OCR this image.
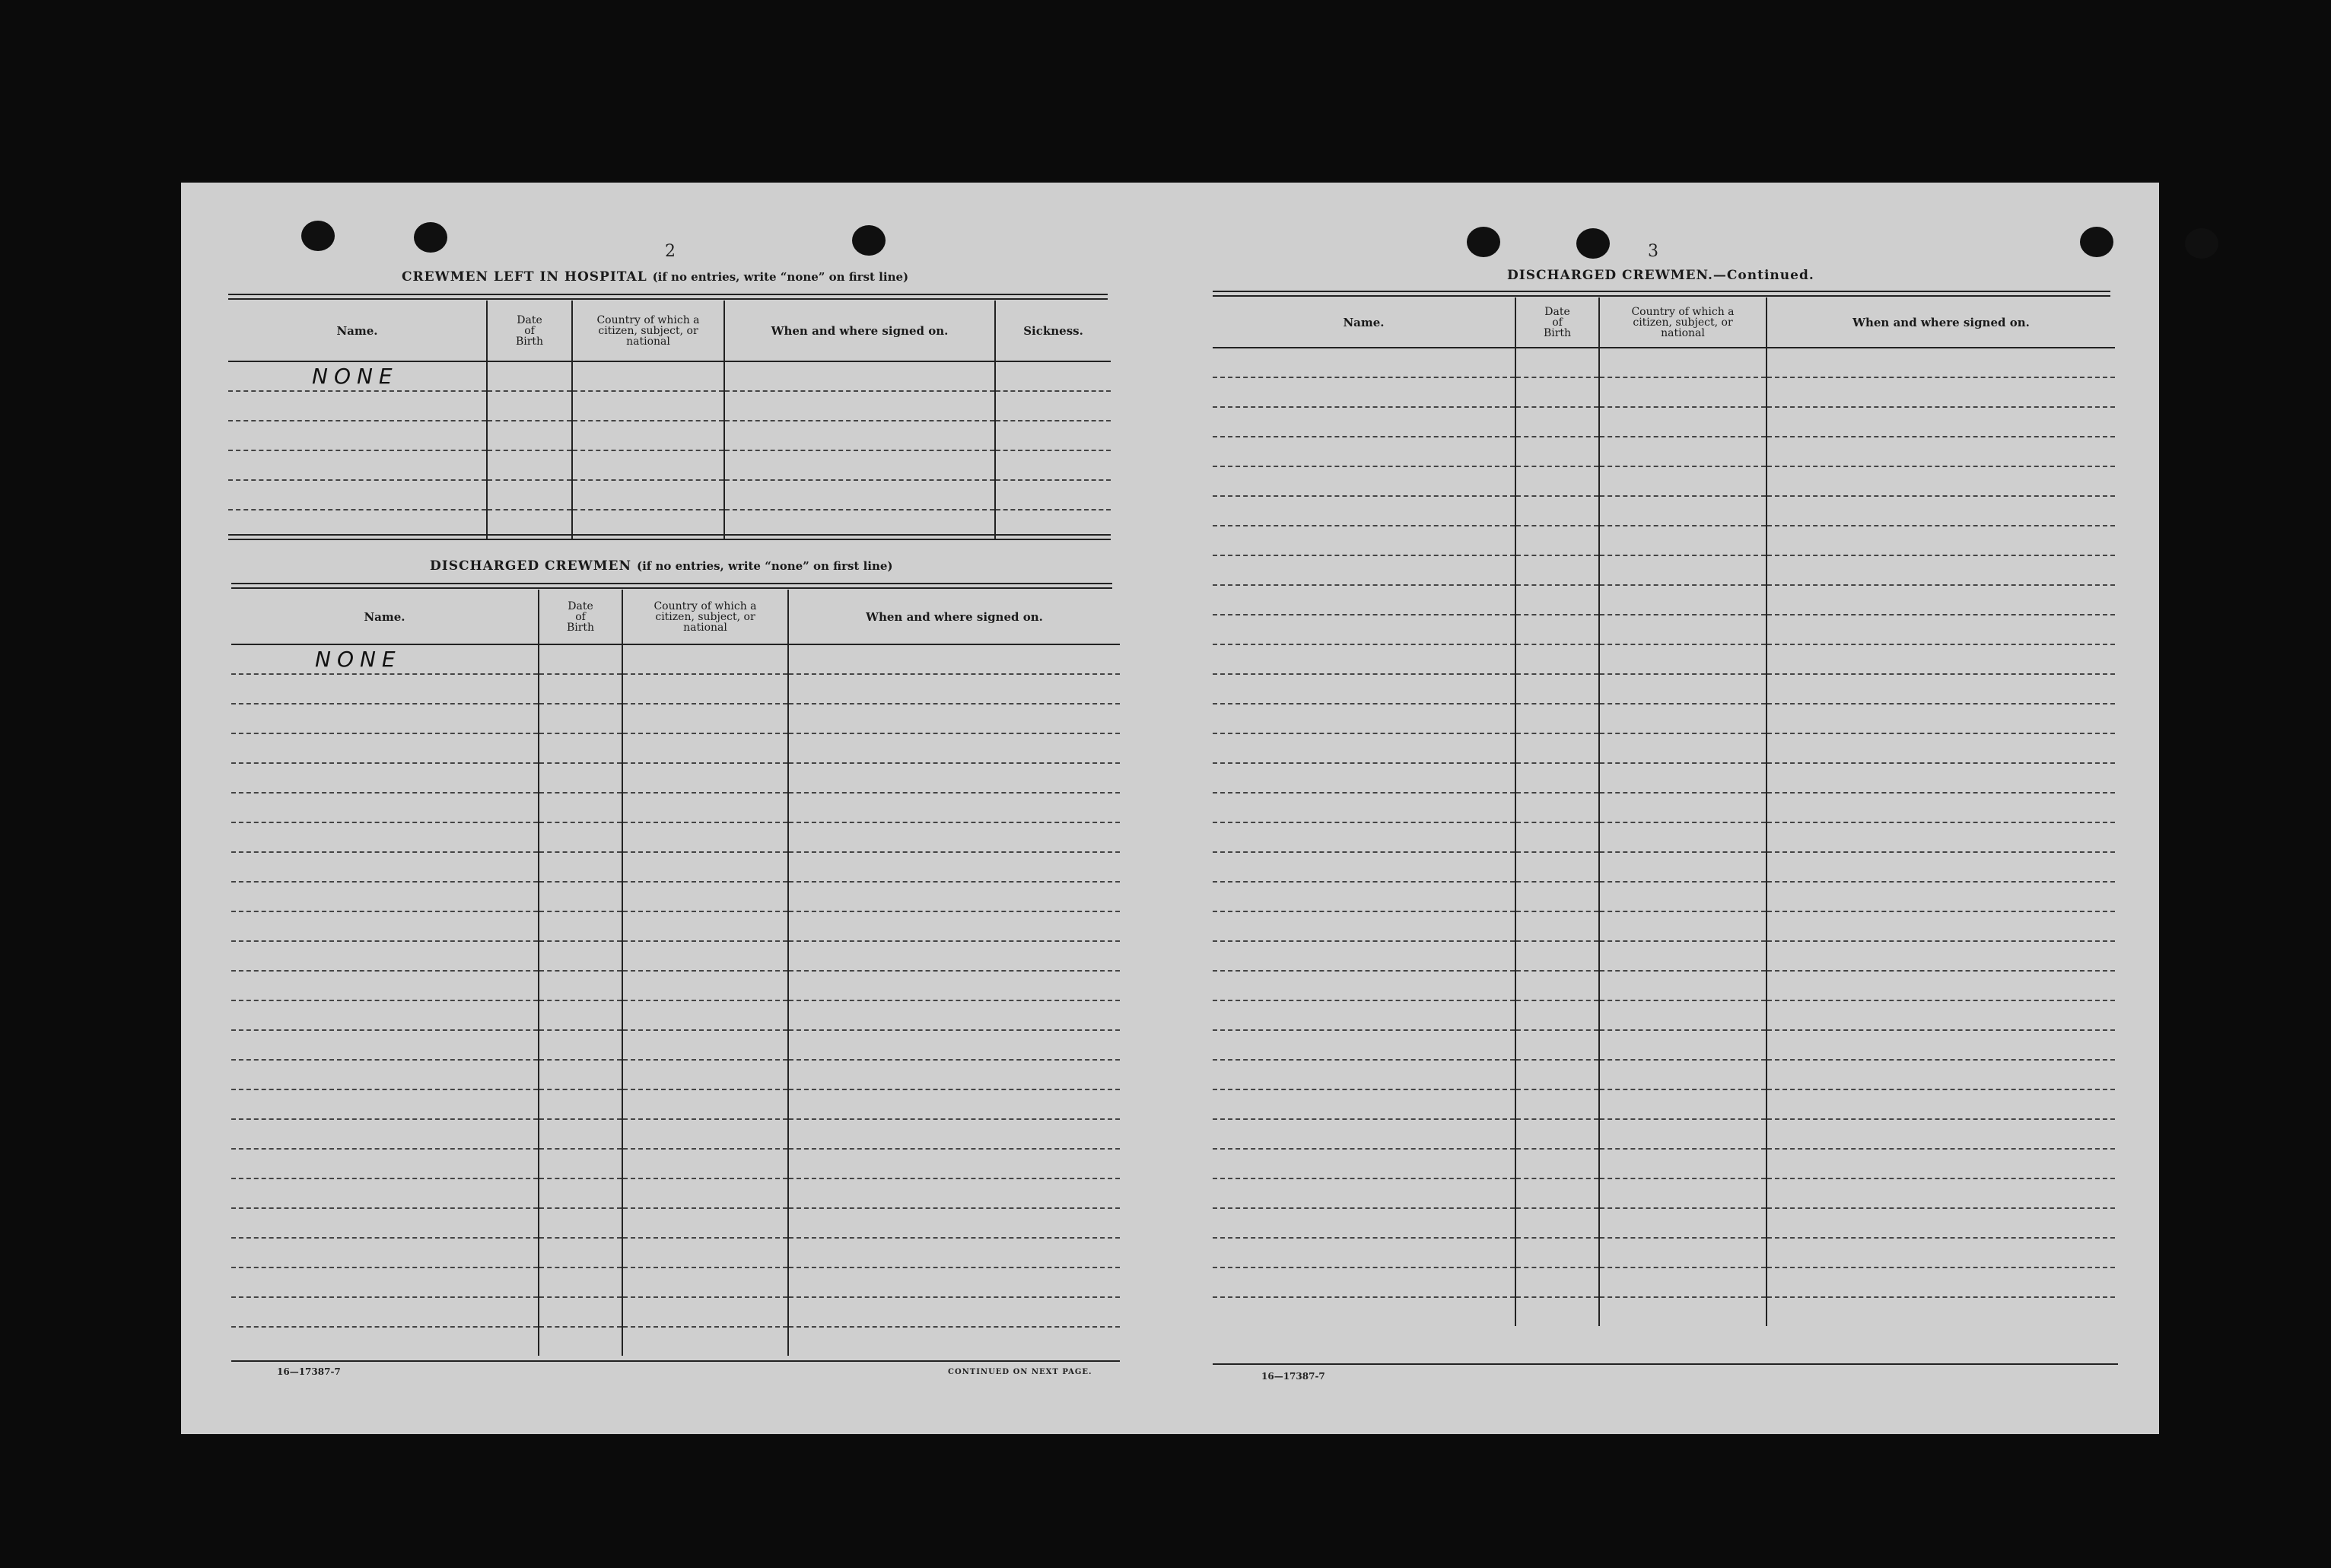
2
CREWMEN LEFT IN HOSPITAL (if no entries, write “none” on first line)
Name.	Date
of
Birth	Country of which a
citizen, subject, or
national	When and where signed on.	Sickness.
NONE				

DISCHARGED CREWMEN (if no entries, write “none” on first line)
Name.	Date
of
Birth	Country of which a
citizen, subject, or
national	When and where signed on.
NONE			

16—17387-7	CONTINUED ON NEXT PAGE.
3
DISCHARGED CREWMEN.—Continued.
Name.	Date
of
Birth	Country of which a
citizen, subject, or
national	When and where signed on.

16—17387-7
